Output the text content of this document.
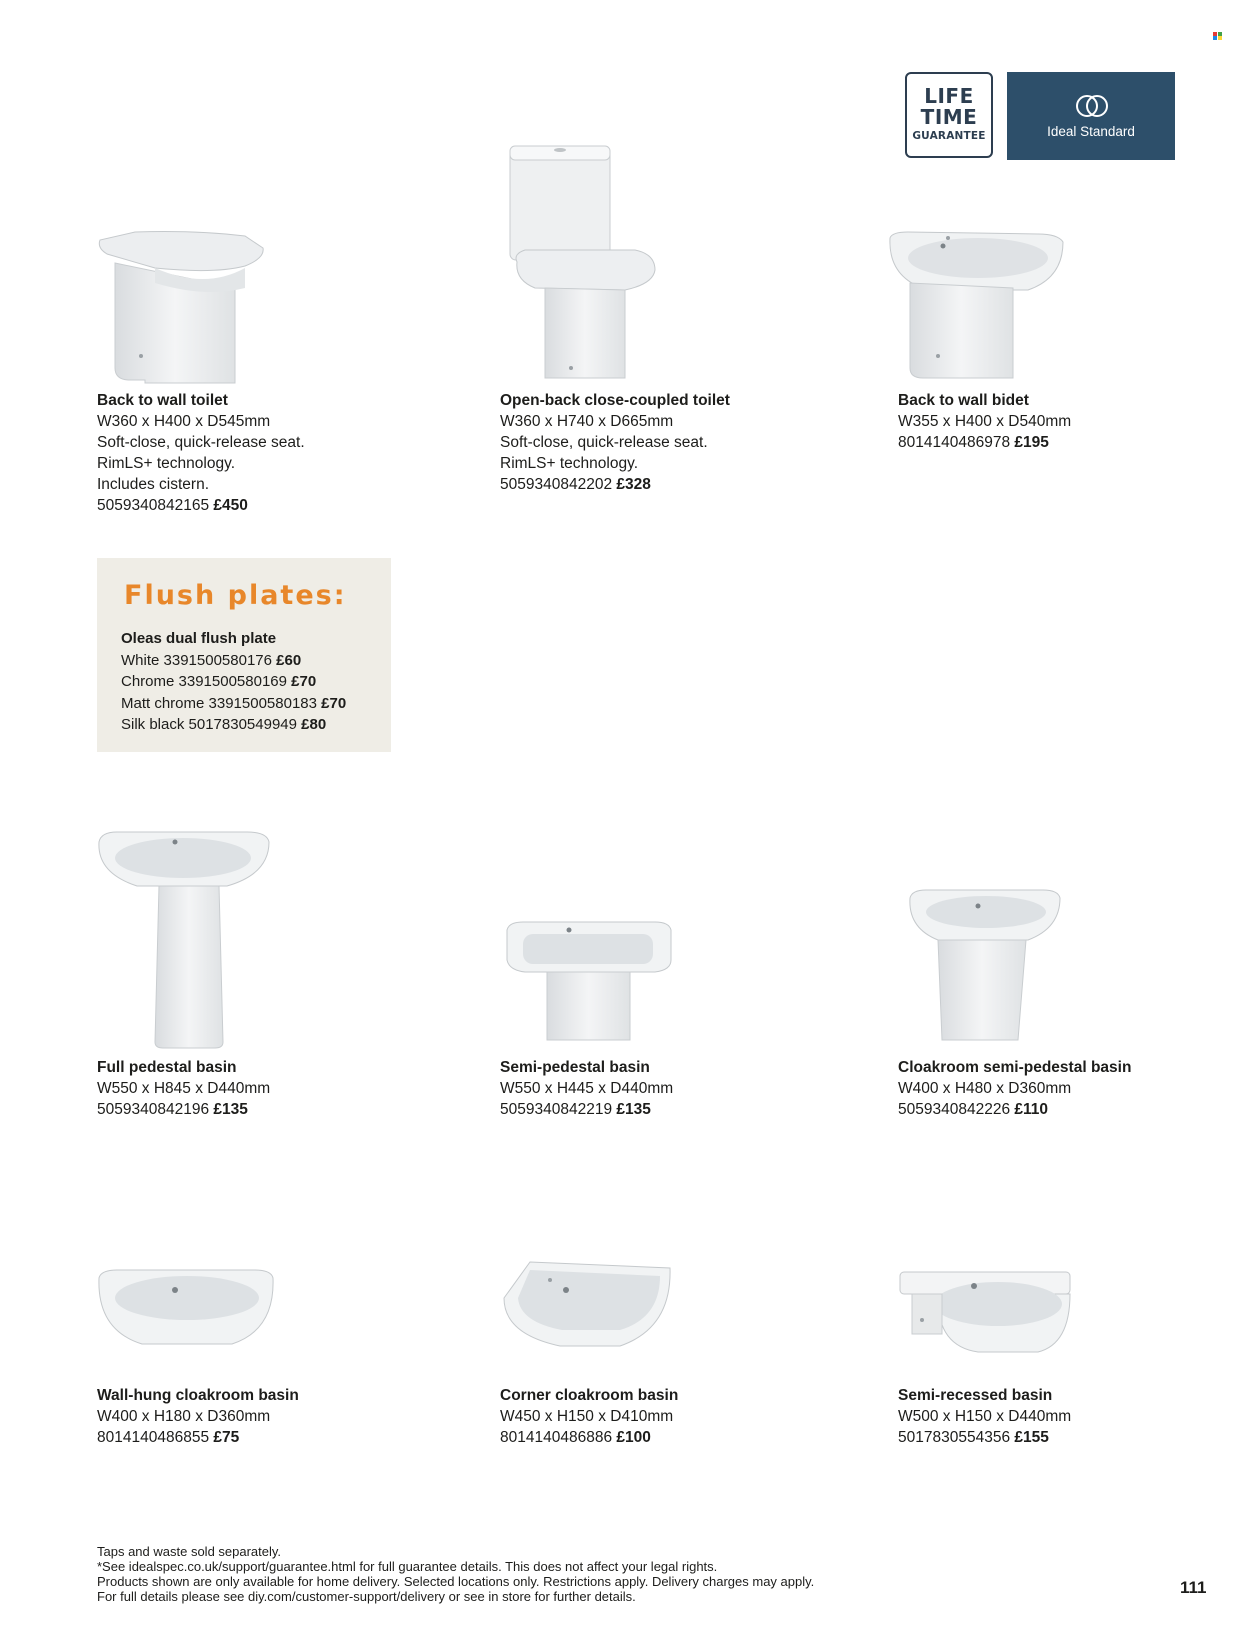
LIFE
TIME
GUARANTEE	Ideal Standard
Back to wall toilet
W360 x H400 x D545mm
Soft-close, quick-release seat.
RimLS+ technology.
Includes cistern.
5059340842165 £450
Open-back close-coupled toilet
W360 x H740 x D665mm
Soft-close, quick-release seat.
RimLS+ technology.
5059340842202 £328
Back to wall bidet
W355 x H400 x D540mm
8014140486978 £195
Flush plates:
Oleas dual flush plate
White 3391500580176 £60
Chrome 3391500580169 £70
Matt chrome 3391500580183 £70
Silk black 5017830549949 £80
Full pedestal basin
W550 x H845 x D440mm
5059340842196 £135
Semi-pedestal basin
W550 x H445 x D440mm
5059340842219 £135
Cloakroom semi-pedestal basin
W400 x H480 x D360mm
5059340842226 £110
Wall-hung cloakroom basin
W400 x H180 x D360mm
8014140486855 £75
Corner cloakroom basin
W450 x H150 x D410mm
8014140486886 £100
Semi-recessed basin
W500 x H150 x D440mm
5017830554356 £155
Taps and waste sold separately.
*See idealspec.co.uk/support/guarantee.html for full guarantee details. This does not affect your legal rights.
Products shown are only available for home delivery. Selected locations only. Restrictions apply. Delivery charges may apply.
For full details please see diy.com/customer-support/delivery or see in store for further details.	111
